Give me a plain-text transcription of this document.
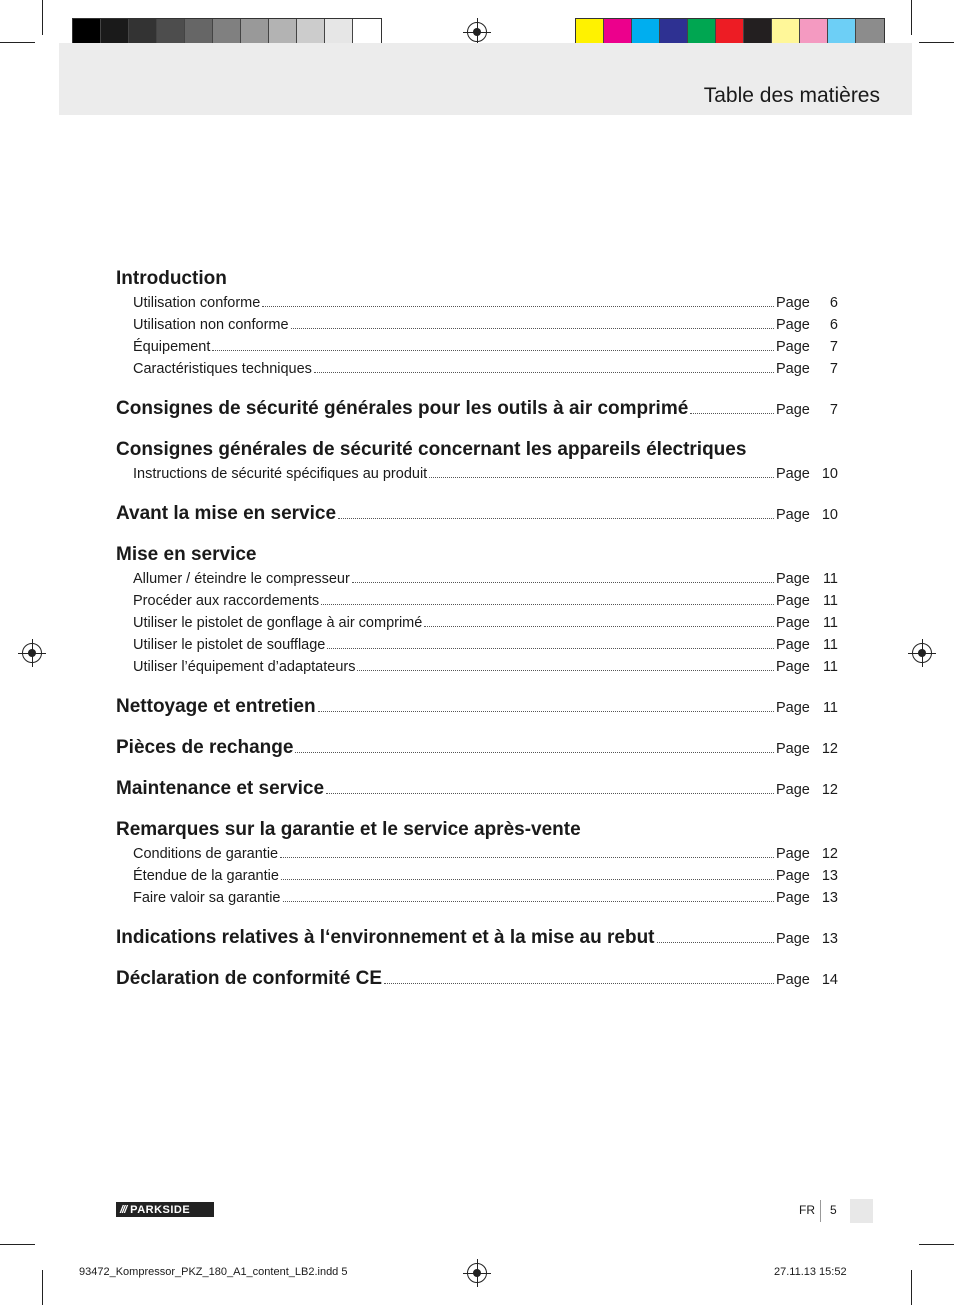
Table des matières
Introduction
Utilisation conforme	Page	6
Utilisation non conforme	Page	6
Équipement	Page	7
Caractéristiques techniques	Page	7
Consignes de sécurité générales pour les outils à air comprimé	Page	7
Consignes générales de sécurité concernant les appareils électriques
Instructions de sécurité spécifiques au produit	Page 10
Avant la mise en service	Page 10
Mise en service
Allumer / éteindre le compresseur	Page 11
Procéder aux raccordements	Page 11
Utiliser le pistolet de gonflage à air comprimé	Page 11
Utiliser le pistolet de soufflage	Page 11
Utiliser l’équipement d’adaptateurs	Page 11
Nettoyage et entretien	Page 11
Pièces de rechange	Page 12
Maintenance et service	Page 12
Remarques sur la garantie et le service après-vente
Conditions de garantie	Page 12
Étendue de la garantie	Page 13
Faire valoir sa garantie	Page 13
Indications relatives à l‘environnement et à la mise au rebut	Page 13
Déclaration de conformité CE	Page 14
/// PARKSIDE	FR 5
93472_Kompressor_PKZ_180_A1_content_LB2.indd 5	27.11.13 15:52
